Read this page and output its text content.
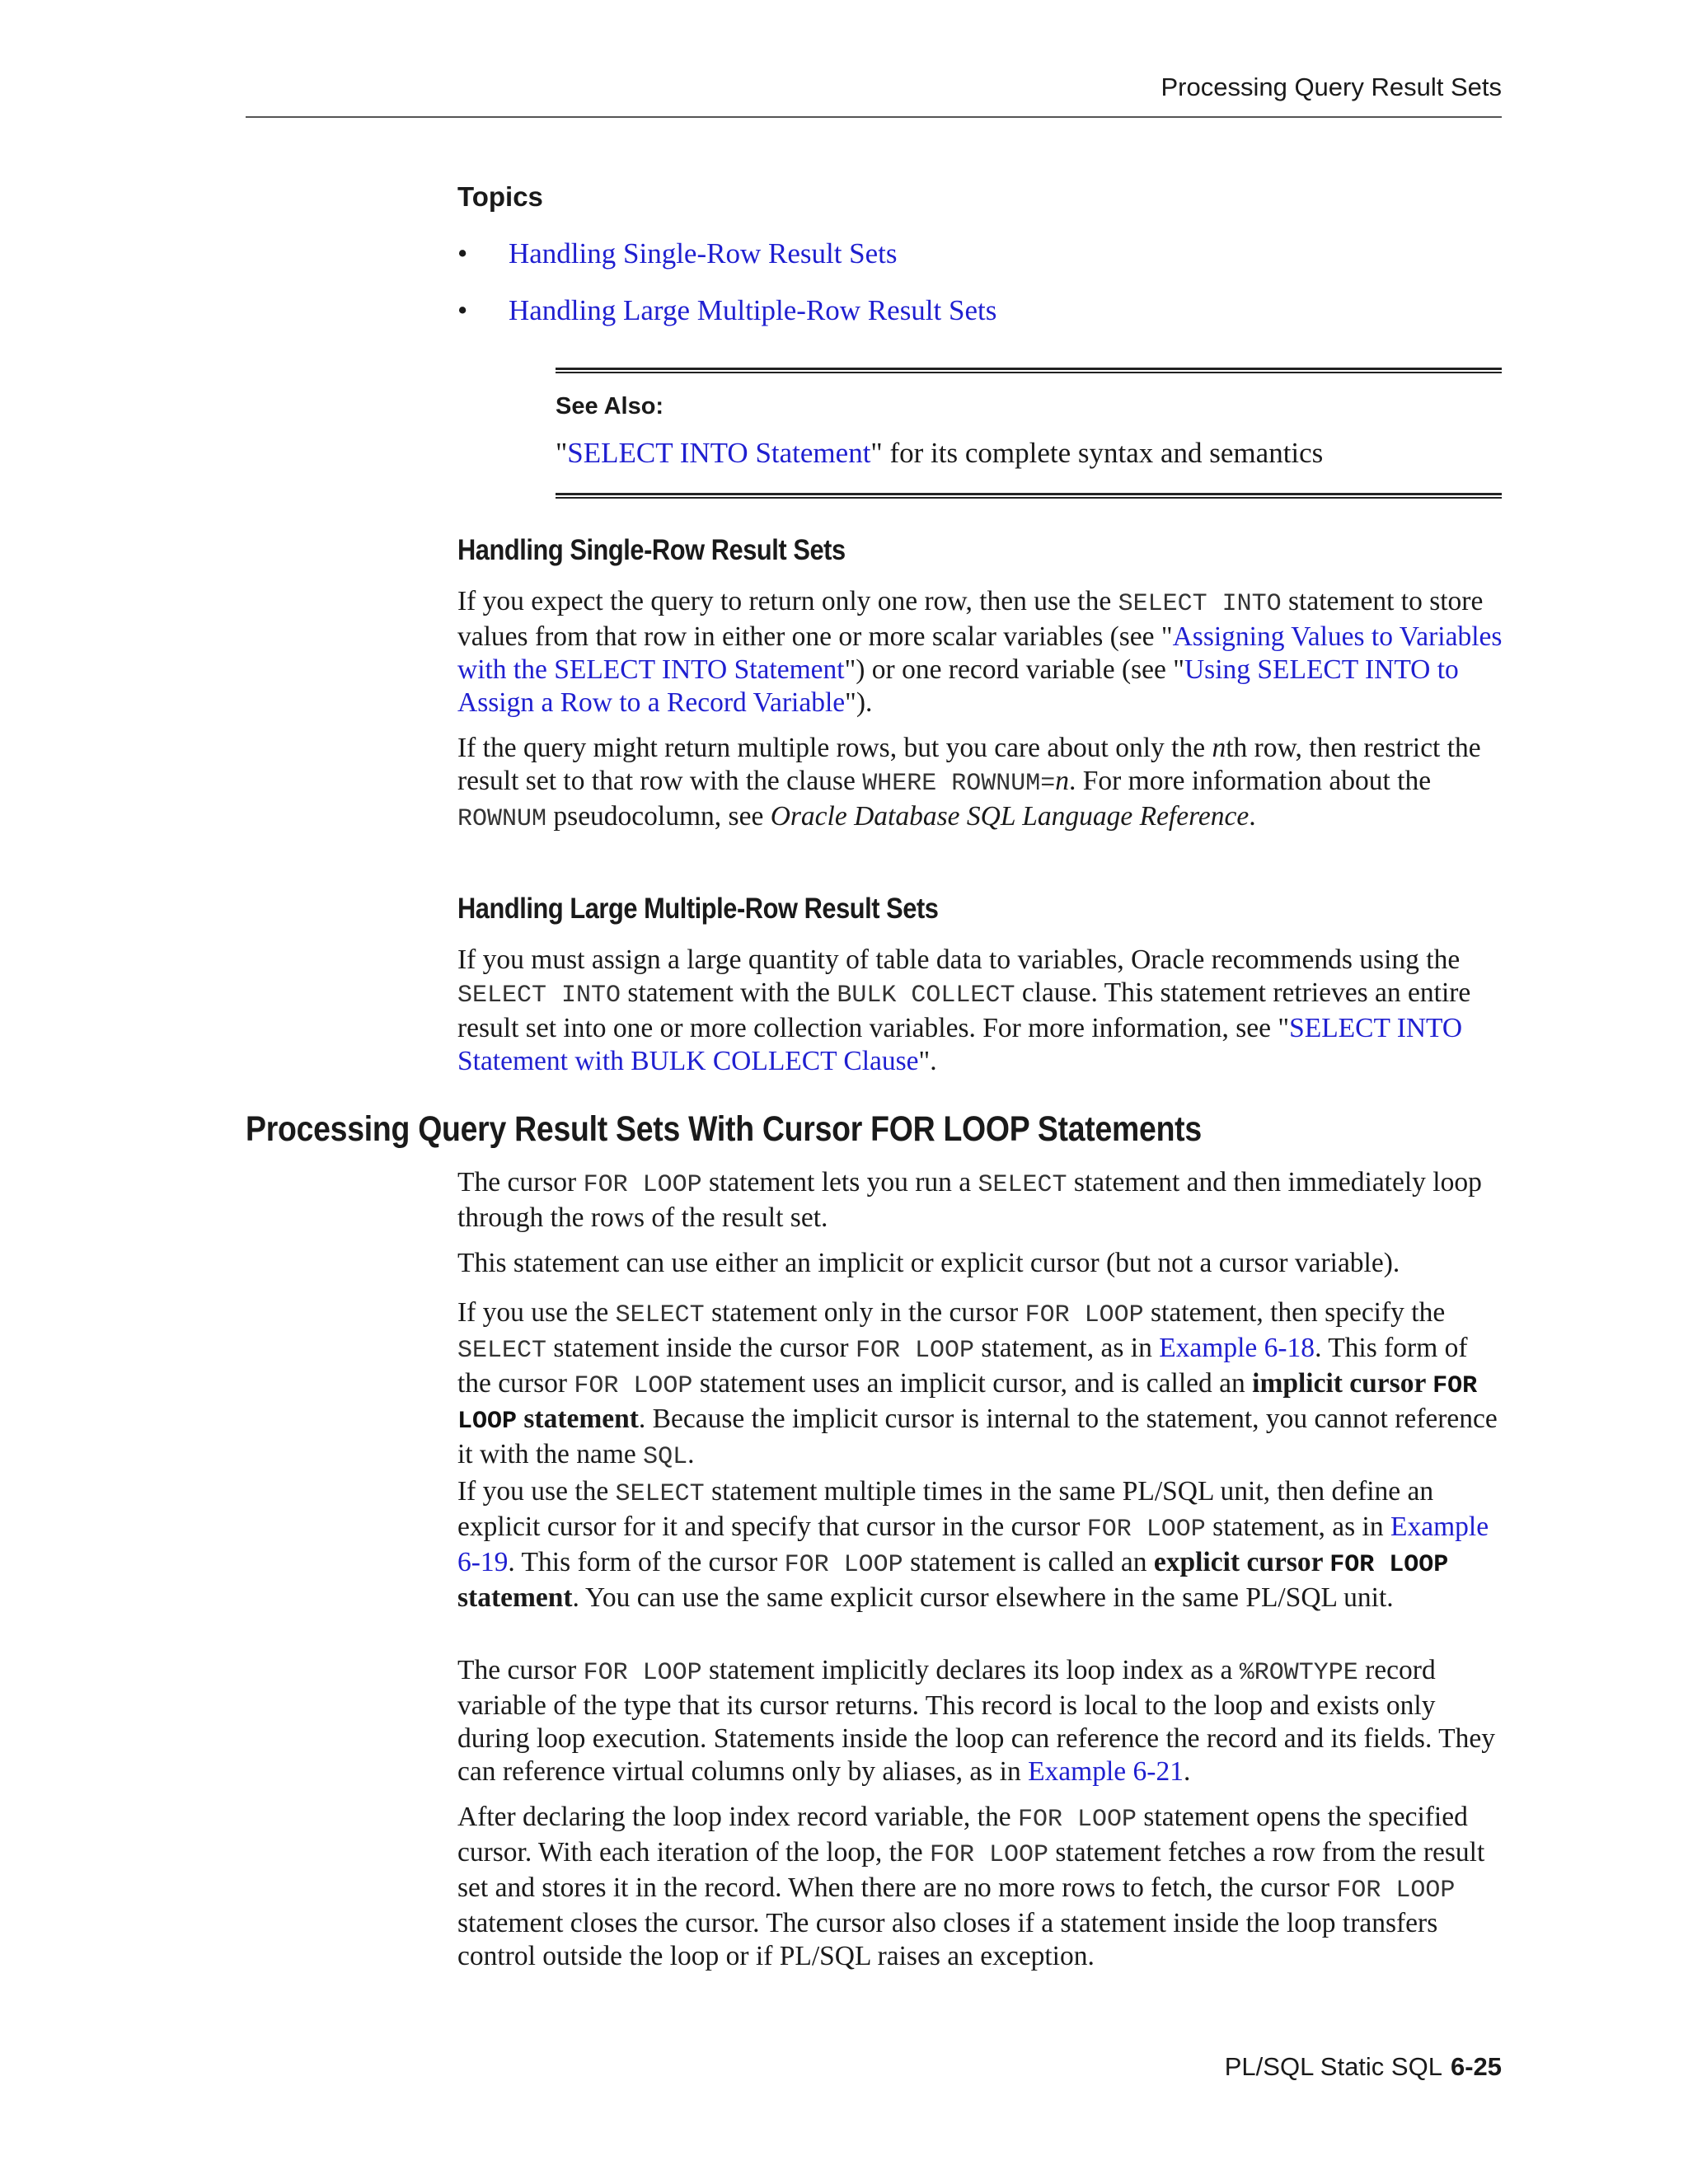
Processing Query Result Sets
Topics
• Handling Single-Row Result Sets
• Handling Large Multiple-Row Result Sets
See Also:
"SELECT INTO Statement" for its complete syntax and semantics
Handling Single-Row Result Sets

If you expect the query to return only one row, then use the SELECT INTO statement to store values from that row in either one or more scalar variables (see "Assigning Values to Variables with the SELECT INTO Statement") or one record variable (see "Using SELECT INTO to Assign a Row to a Record Variable").

If the query might return multiple rows, but you care about only the nth row, then restrict the result set to that row with the clause WHERE ROWNUM=n. For more information about the ROWNUM pseudocolumn, see Oracle Database SQL Language Reference.

Handling Large Multiple-Row Result Sets

If you must assign a large quantity of table data to variables, Oracle recommends using the SELECT INTO statement with the BULK COLLECT clause. This statement retrieves an entire result set into one or more collection variables. For more information, see "SELECT INTO Statement with BULK COLLECT Clause".

Processing Query Result Sets With Cursor FOR LOOP Statements

The cursor FOR LOOP statement lets you run a SELECT statement and then immediately loop through the rows of the result set.

This statement can use either an implicit or explicit cursor (but not a cursor variable).

If you use the SELECT statement only in the cursor FOR LOOP statement, then specify the SELECT statement inside the cursor FOR LOOP statement, as in Example 6-18. This form of the cursor FOR LOOP statement uses an implicit cursor, and is called an implicit cursor FOR LOOP statement. Because the implicit cursor is internal to the statement, you cannot reference it with the name SQL.

If you use the SELECT statement multiple times in the same PL/SQL unit, then define an explicit cursor for it and specify that cursor in the cursor FOR LOOP statement, as in Example 6-19. This form of the cursor FOR LOOP statement is called an explicit cursor FOR LOOP statement. You can use the same explicit cursor elsewhere in the same PL/SQL unit.

The cursor FOR LOOP statement implicitly declares its loop index as a %ROWTYPE record variable of the type that its cursor returns. This record is local to the loop and exists only during loop execution. Statements inside the loop can reference the record and its fields. They can reference virtual columns only by aliases, as in Example 6-21.

After declaring the loop index record variable, the FOR LOOP statement opens the specified cursor. With each iteration of the loop, the FOR LOOP statement fetches a row from the result set and stores it in the record. When there are no more rows to fetch, the cursor FOR LOOP statement closes the cursor. The cursor also closes if a statement inside the loop transfers control outside the loop or if PL/SQL raises an exception.

PL/SQL Static SQL 6-25
